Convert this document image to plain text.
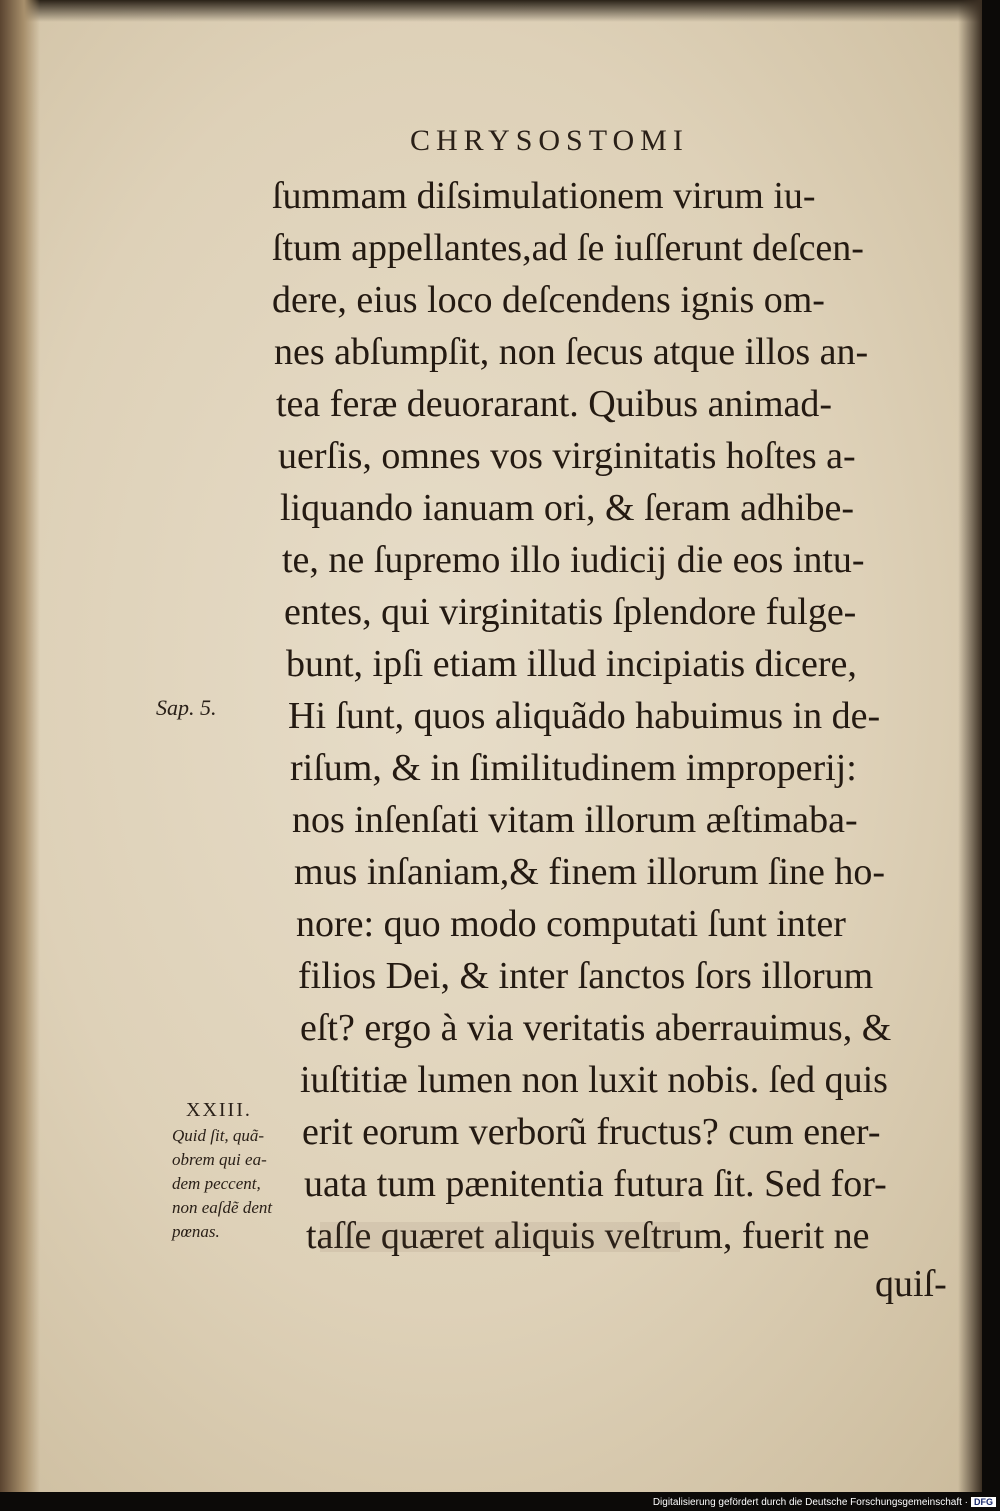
CHRYSOSTOMI
ſummam diſsimulationem virum iu-
ſtum appellantes,ad ſe iuſſerunt deſcen-
dere, eius loco deſcendens ignis om-
nes abſumpſit, non ſecus atque illos an-
tea feræ deuorarant. Quibus animad-
uerſis, omnes vos virginitatis hoſtes a-
liquando ianuam ori, & ſeram adhibe-
te, ne ſupremo illo iudicij die eos intu-
entes, qui virginitatis ſplendore fulge-
bunt, ipſi etiam illud incipiatis dicere,
Hi ſunt, quos aliquãdo habuimus in de-
riſum, & in ſimilitudinem improperij:
nos inſenſati vitam illorum æſtimaba-
mus inſaniam,& finem illorum ſine ho-
nore: quo modo computati ſunt inter
filios Dei, & inter ſanctos ſors illorum
eſt? ergo à via veritatis aberrauimus, &
iuſtitiæ lumen non luxit nobis. ſed quis
erit eorum verborũ fructus? cum ener-
uata tum pænitentia futura ſit. Sed for-
taſſe quæret aliquis veſtrum, fuerit ne
quiſ-
Sap. 5.
XXIII.
Quid ſit, quã-
obrem qui ea-
dem peccent,
non eaſdẽ dent
pœnas.
Digitalisierung gefördert durch die Deutsche Forschungsgemeinschaft · DFG
